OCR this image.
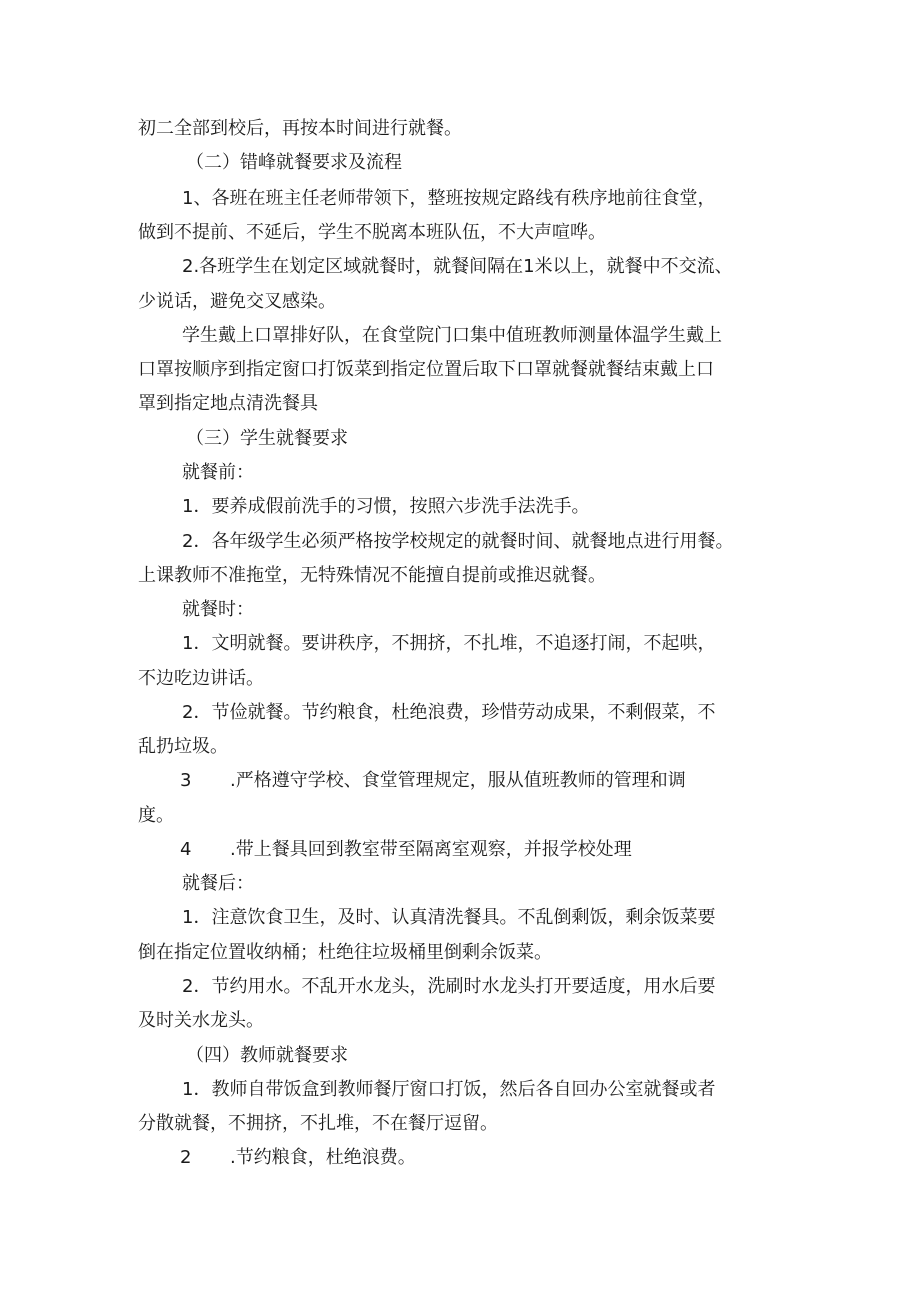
初二全部到校后，再按本时间进行就餐。
（二）错峰就餐要求及流程
1、各班在班主任老师带领下，整班按规定路线有秩序地前往食堂，
做到不提前、不延后，学生不脱离本班队伍，不大声喧哗。
2.各班学生在划定区域就餐时，就餐间隔在1米以上，就餐中不交流、
少说话，避免交叉感染。
学生戴上口罩排好队，在食堂院门口集中值班教师测量体温学生戴上
口罩按顺序到指定窗口打饭菜到指定位置后取下口罩就餐就餐结束戴上口
罩到指定地点清洗餐具
（三）学生就餐要求
就餐前：
1．要养成假前洗手的习惯，按照六步洗手法洗手。
2．各年级学生必须严格按学校规定的就餐时间、就餐地点进行用餐。
上课教师不准拖堂，无特殊情况不能擅自提前或推迟就餐。
就餐时：
1．文明就餐。要讲秩序，不拥挤，不扎堆，不追逐打闹，不起哄，
不边吃边讲话。
2．节俭就餐。节约粮食，杜绝浪费，珍惜劳动成果，不剩假菜，不
乱扔垃圾。
3 .严格遵守学校、食堂管理规定，服从值班教师的管理和调
度。
4 .带上餐具回到教室带至隔离室观察，并报学校处理
就餐后：
1．注意饮食卫生，及时、认真清洗餐具。不乱倒剩饭，剩余饭菜要
倒在指定位置收纳桶；杜绝往垃圾桶里倒剩余饭菜。
2．节约用水。不乱开水龙头，洗刷时水龙头打开要适度，用水后要
及时关水龙头。
（四）教师就餐要求
1．教师自带饭盒到教师餐厅窗口打饭，然后各自回办公室就餐或者
分散就餐，不拥挤，不扎堆，不在餐厅逗留。
2 .节约粮食，杜绝浪费。
